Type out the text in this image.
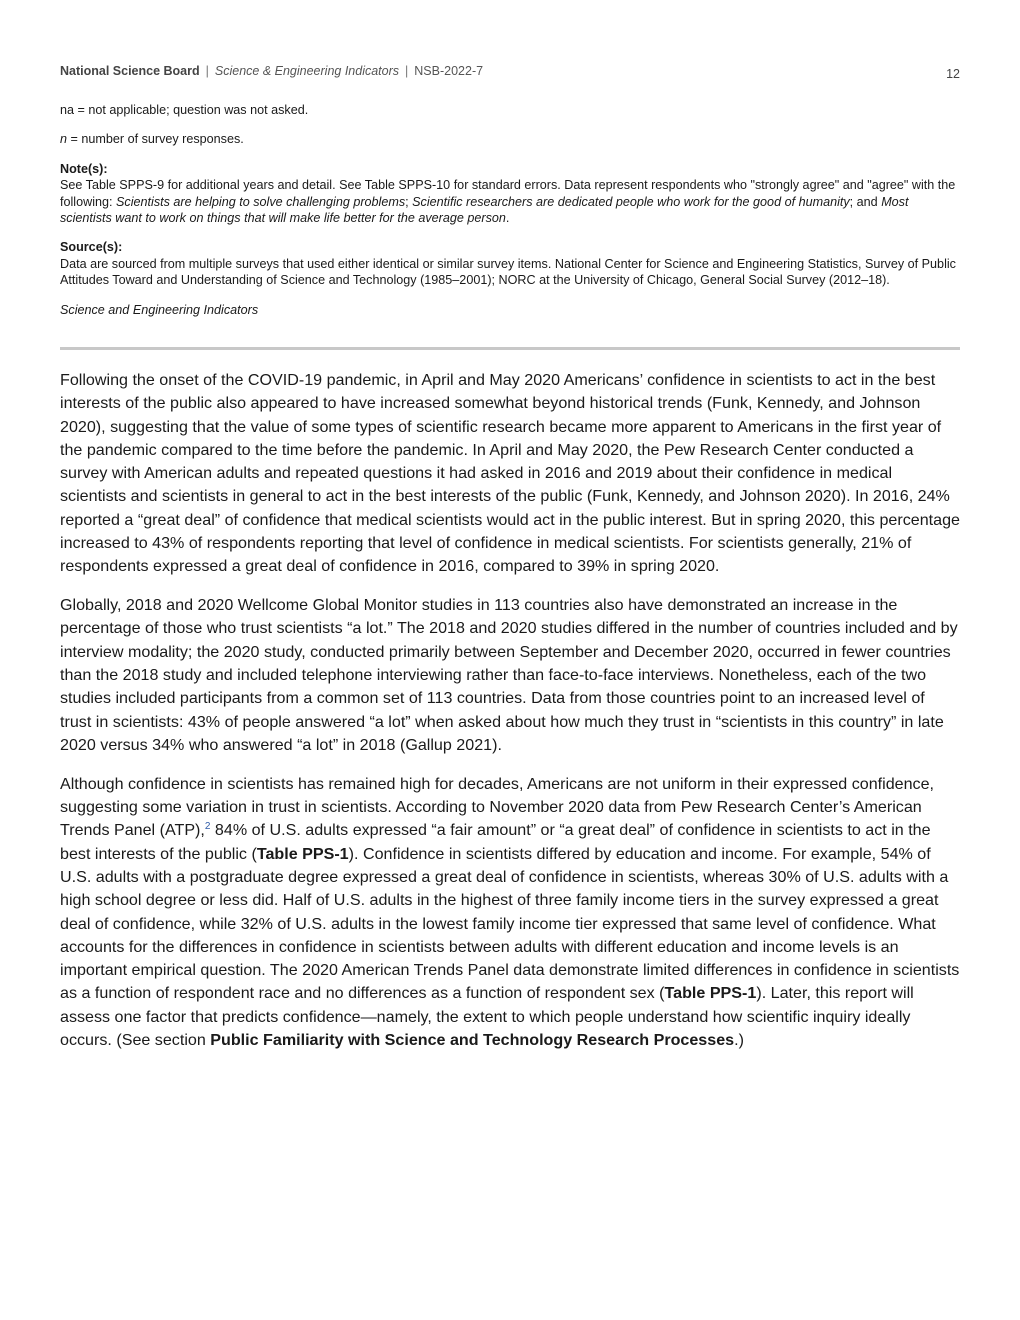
National Science Board | Science & Engineering Indicators | NSB-2022-7	12

na = not applicable; question was not asked.

n = number of survey responses.

Note(s):

See Table SPPS-9 for additional years and detail. See Table SPPS-10 for standard errors. Data represent respondents who "strongly agree" and "agree" with the following: Scientists are helping to solve challenging problems; Scientific researchers are dedicated people who work for the good of humanity; and Most scientists want to work on things that will make life better for the average person.

Source(s):

Data are sourced from multiple surveys that used either identical or similar survey items. National Center for Science and Engineering Statistics, Survey of Public Attitudes Toward and Understanding of Science and Technology (1985–2001); NORC at the University of Chicago, General Social Survey (2012–18).

Science and Engineering Indicators

Following the onset of the COVID-19 pandemic, in April and May 2020 Americans’ confidence in scientists to act in the best interests of the public also appeared to have increased somewhat beyond historical trends (Funk, Kennedy, and Johnson 2020), suggesting that the value of some types of scientific research became more apparent to Americans in the first year of the pandemic compared to the time before the pandemic. In April and May 2020, the Pew Research Center conducted a survey with American adults and repeated questions it had asked in 2016 and 2019 about their confidence in medical scientists and scientists in general to act in the best interests of the public (Funk, Kennedy, and Johnson 2020). In 2016, 24% reported a “great deal” of confidence that medical scientists would act in the public interest. But in spring 2020, this percentage increased to 43% of respondents reporting that level of confidence in medical scientists. For scientists generally, 21% of respondents expressed a great deal of confidence in 2016, compared to 39% in spring 2020.

Globally, 2018 and 2020 Wellcome Global Monitor studies in 113 countries also have demonstrated an increase in the percentage of those who trust scientists “a lot.” The 2018 and 2020 studies differed in the number of countries included and by interview modality; the 2020 study, conducted primarily between September and December 2020, occurred in fewer countries than the 2018 study and included telephone interviewing rather than face-to-face interviews. Nonetheless, each of the two studies included participants from a common set of 113 countries. Data from those countries point to an increased level of trust in scientists: 43% of people answered “a lot” when asked about how much they trust in “scientists in this country” in late 2020 versus 34% who answered “a lot” in 2018 (Gallup 2021).

Although confidence in scientists has remained high for decades, Americans are not uniform in their expressed confidence, suggesting some variation in trust in scientists. According to November 2020 data from Pew Research Center’s American Trends Panel (ATP),$^2$ 84% of U.S. adults expressed “a fair amount” or “a great deal” of confidence in scientists to act in the best interests of the public (Table PPS-1). Confidence in scientists differed by education and income. For example, 54% of U.S. adults with a postgraduate degree expressed a great deal of confidence in scientists, whereas 30% of U.S. adults with a high school degree or less did. Half of U.S. adults in the highest of three family income tiers in the survey expressed a great deal of confidence, while 32% of U.S. adults in the lowest family income tier expressed that same level of confidence. What accounts for the differences in confidence in scientists between adults with different education and income levels is an important empirical question. The 2020 American Trends Panel data demonstrate limited differences in confidence in scientists as a function of respondent race and no differences as a function of respondent sex (Table PPS-1). Later, this report will assess one factor that predicts confidence—namely, the extent to which people understand how scientific inquiry ideally occurs. (See section Public Familiarity with Science and Technology Research Processes.)
